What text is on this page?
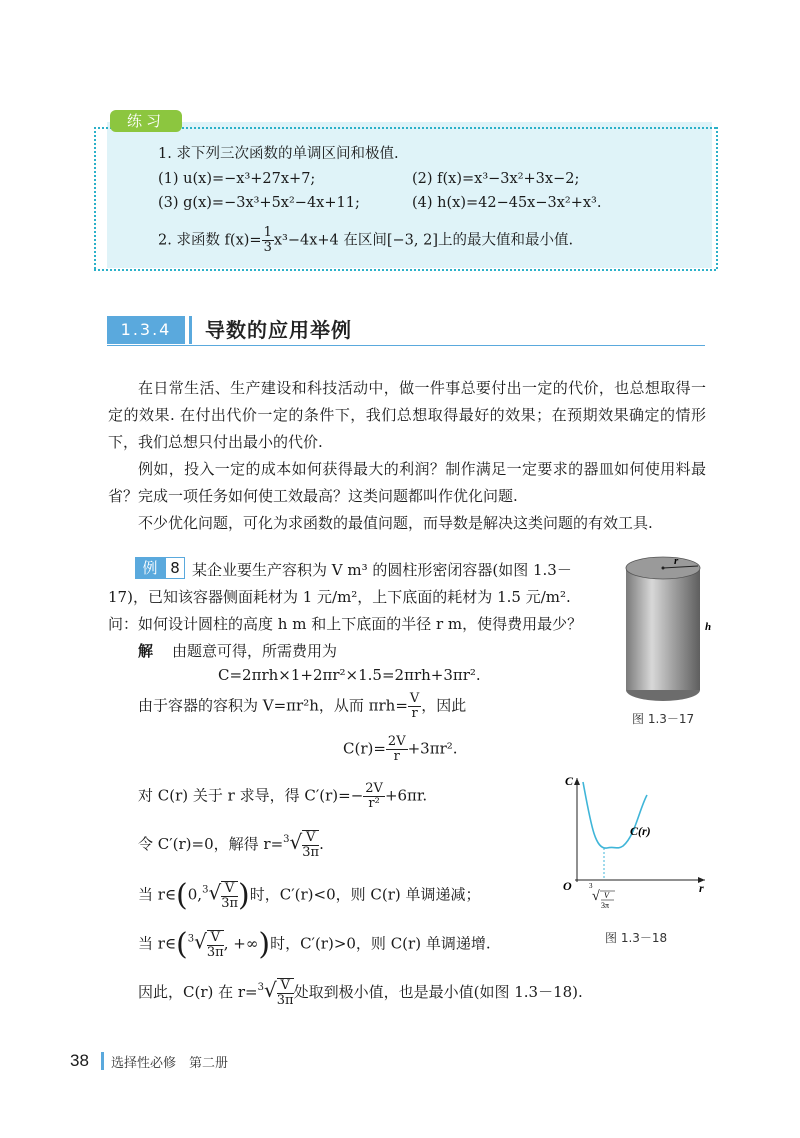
练习
1. 求下列三次函数的单调区间和极值.
(1) u(x)=−x³+27x+7;	(2) f(x)=x³−3x²+3x−2;
(3) g(x)=−3x³+5x²−4x+11;	(4) h(x)=42−45x−3x²+x³.
2. 求函数 $f(x)= \frac{1}{3} x^3-4x+4$ 在区间[−3, 2]上的最大值和最小值.
1.3.4	导数的应用举例
在日常生活、生产建设和科技活动中，做一件事总要付出一定的代价，也总想取得一定的效果. 在付出代价一定的条件下，我们总想取得最好的效果；在预期效果确定的情形下，我们总想只付出最小的代价.
例如，投入一定的成本如何获得最大的利润？制作满足一定要求的器皿如何使用料最省？完成一项任务如何使工效最高？这类问题都叫作优化问题.
不少优化问题，可化为求函数的最值问题，而导数是解决这类问题的有效工具.
例 8 某企业要生产容积为 V m³ 的圆柱形密闭容器(如图 1.3－
17)，已知该容器侧面耗材为 1 元/m²，上下底面的耗材为 1.5 元/m².
问：如何设计圆柱的高度 h m 和上下底面的半径 r m，使得费用最少？
解 由题意可得，所需费用为
C=2πrh×1+2πr²×1.5=2πrh+3πr².
由于容器的容积为 V=πr²h，从而 $\pi rh= \frac{V}{r}$ ，因此
$C(r)= \frac{2V}{r} +3\pi r^2$.
对 C(r) 关于 r 求导，得 $C'(r)=- \frac{2V}{\text{r²}} +6\pi r$.
令 C′(r)=0，解得 $r=^3√ \frac{V}{3\pi}$ .
当 r∈(0,$^3$√ $\frac{V}{3\pi}$ )时，C′(r)<0，则 C(r) 单调递减；
当 r∈($^3$√ $\frac{V}{3\pi}$ , +∞)时，C′(r)>0，则 C(r) 单调递增.
因此，C(r) 在 $r=^3√ \frac{V}{3\pi}$ 处取到极小值，也是最小值(如图 1.3－18).
r
h
图 1.3－17
C
r
O
C(r)
3
√ V
3π
图 1.3－18
38 选择性必修　第二册
